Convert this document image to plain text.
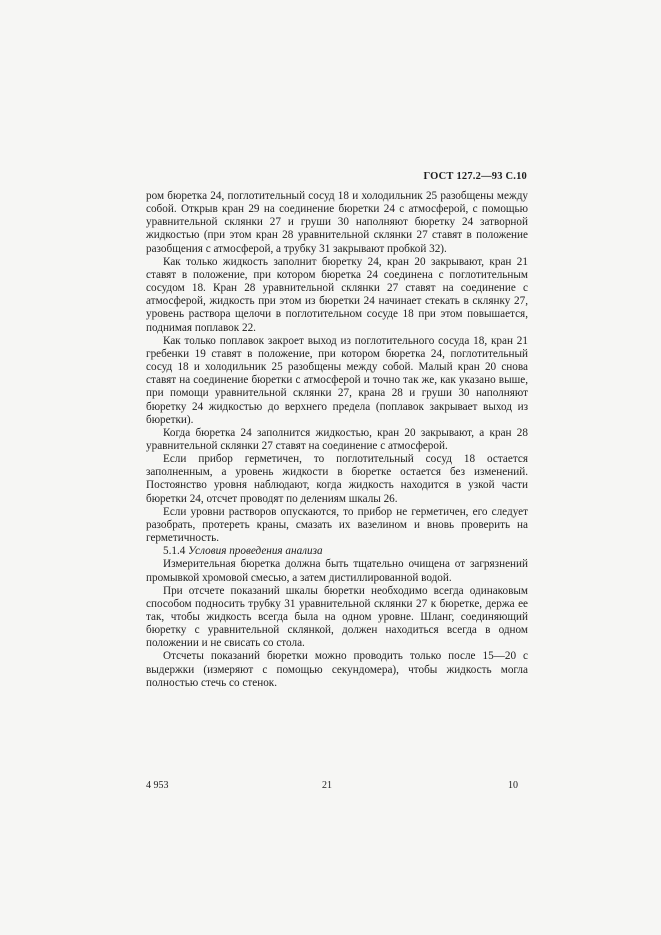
ГОСТ 127.2—93 С.10

ром бюретка 24, поглотительный сосуд 18 и холодильник 25 разобщены между собой. Открыв кран 29 на соединение бюретки 24 с атмосферой, с помощью уравнительной склянки 27 и груши 30 наполняют бюретку 24 затворной жидкостью (при этом кран 28 уравнительной склянки 27 ставят в положение разобщения с атмосферой, а трубку 31 закрывают пробкой 32).

Как только жидкость заполнит бюретку 24, кран 20 закрывают, кран 21 ставят в положение, при котором бюретка 24 соединена с поглотительным сосудом 18. Кран 28 уравнительной склянки 27 ставят на соединение с атмосферой, жидкость при этом из бюретки 24 начинает стекать в склянку 27, уровень раствора щелочи в поглотительном сосуде 18 при этом повышается, поднимая поплавок 22.

Как только поплавок закроет выход из поглотительного сосуда 18, кран 21 гребенки 19 ставят в положение, при котором бюретка 24, поглотительный сосуд 18 и холодильник 25 разобщены между собой. Малый кран 20 снова ставят на соединение бюретки с атмосферой и точно так же, как указано выше, при помощи уравнительной склянки 27, крана 28 и груши 30 наполняют бюретку 24 жидкостью до верхнего предела (поплавок закрывает выход из бюретки).

Когда бюретка 24 заполнится жидкостью, кран 20 закрывают, а кран 28 уравнительной склянки 27 ставят на соединение с атмосферой.

Если прибор герметичен, то поглотительный сосуд 18 остается заполненным, а уровень жидкости в бюретке остается без изменений. Постоянство уровня наблюдают, когда жидкость находится в узкой части бюретки 24, отсчет проводят по делениям шкалы 26.

Если уровни растворов опускаются, то прибор не герметичен, его следует разобрать, протереть краны, смазать их вазелином и вновь проверить на герметичность.

5.1.4 Условия проведения анализа

Измерительная бюретка должна быть тщательно очищена от загрязнений промывкой хромовой смесью, а затем дистиллированной водой.

При отсчете показаний шкалы бюретки необходимо всегда одинаковым способом подносить трубку 31 уравнительной склянки 27 к бюретке, держа ее так, чтобы жидкость всегда была на одном уровне. Шланг, соединяющий бюретку с уравнительной склянкой, должен находиться всегда в одном положении и не свисать со стола.

Отсчеты показаний бюретки можно проводить только после 15—20 с выдержки (измеряют с помощью секундомера), чтобы жидкость могла полностью стечь со стенок.

4 953	21	10
